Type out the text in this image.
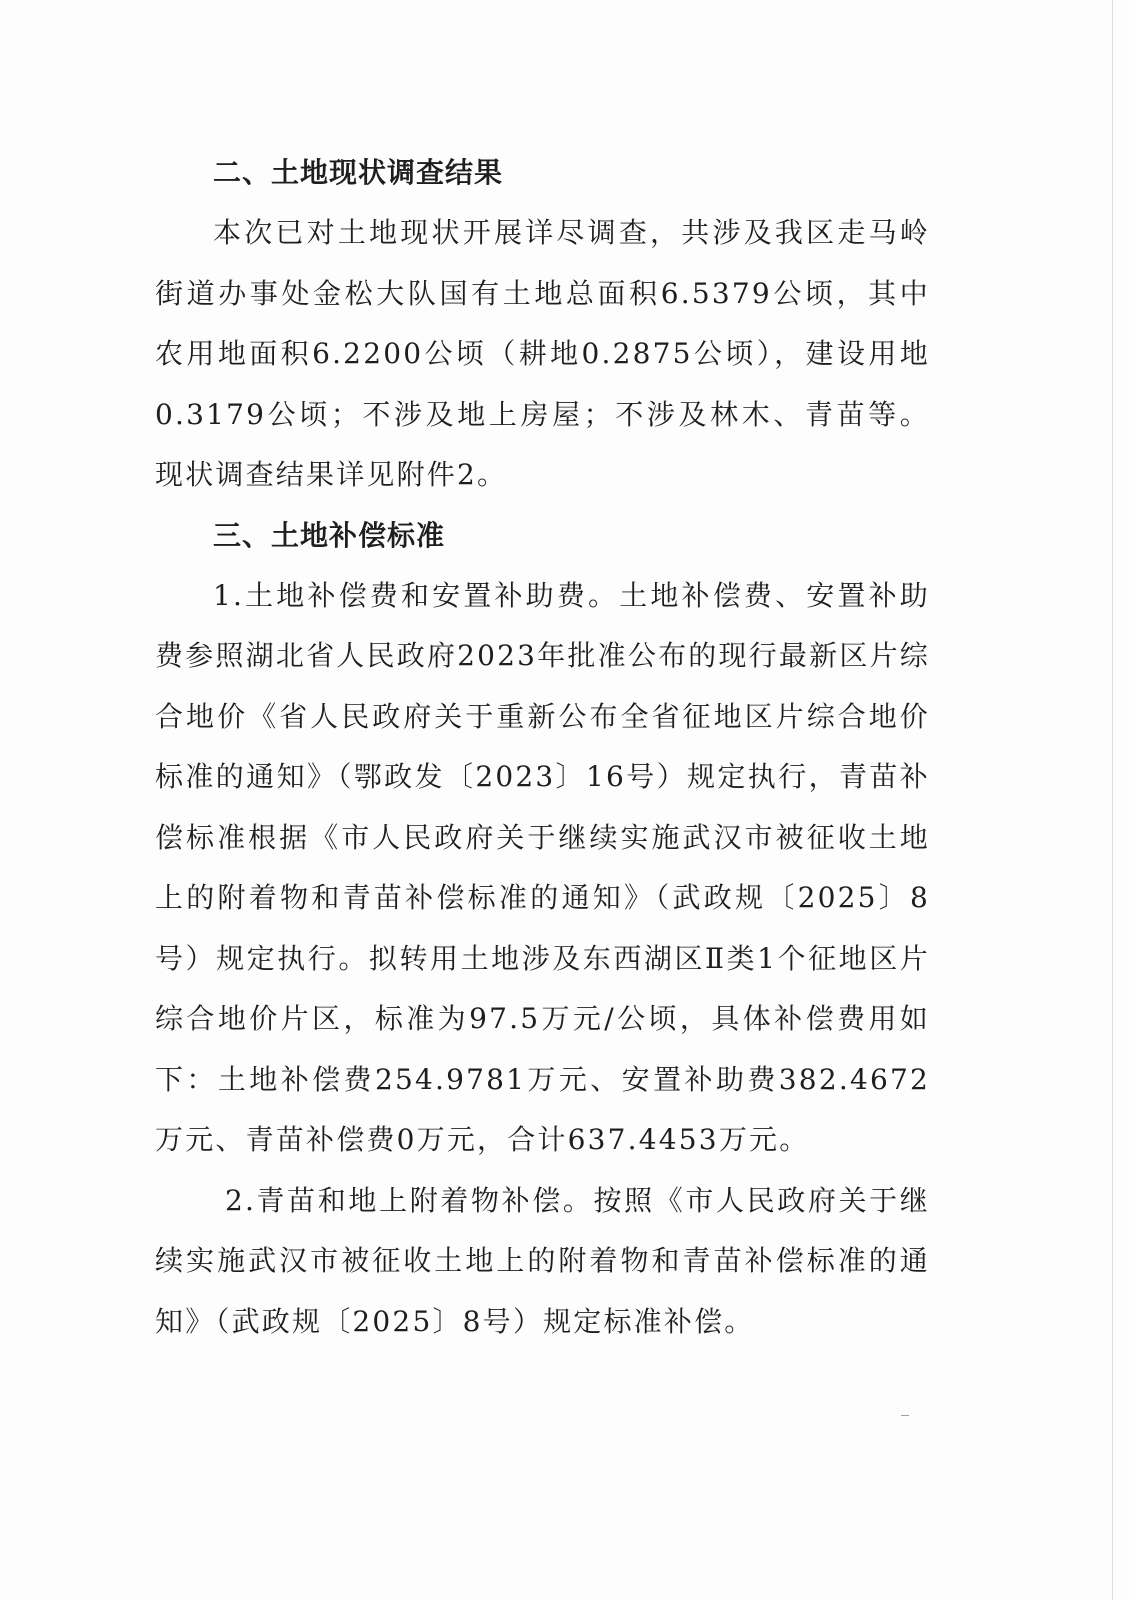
二、土地现状调查结果

本次已对土地现状开展详尽调查，共涉及我区走马岭街道办事处金松大队国有土地总面积6.5379公顷，其中农用地面积6.2200公顷（耕地0.2875公顷），建设用地0.3179公顷；不涉及地上房屋；不涉及林木、青苗等。现状调查结果详见附件2。

三、土地补偿标准

1.土地补偿费和安置补助费。土地补偿费、安置补助费参照湖北省人民政府2023年批准公布的现行最新区片综合地价《省人民政府关于重新公布全省征地区片综合地价标准的通知》（鄂政发〔2023〕16号）规定执行，青苗补偿标准根据《市人民政府关于继续实施武汉市被征收土地上的附着物和青苗补偿标准的通知》（武政规〔2025〕8号）规定执行。拟转用土地涉及东西湖区Ⅱ类1个征地区片综合地价片区，标准为97.5万元/公顷，具体补偿费用如下：土地补偿费254.9781万元、安置补助费382.4672万元、青苗补偿费0万元，合计637.4453万元。

2.青苗和地上附着物补偿。按照《市人民政府关于继续实施武汉市被征收土地上的附着物和青苗补偿标准的通知》（武政规〔2025〕8号）规定标准补偿。
